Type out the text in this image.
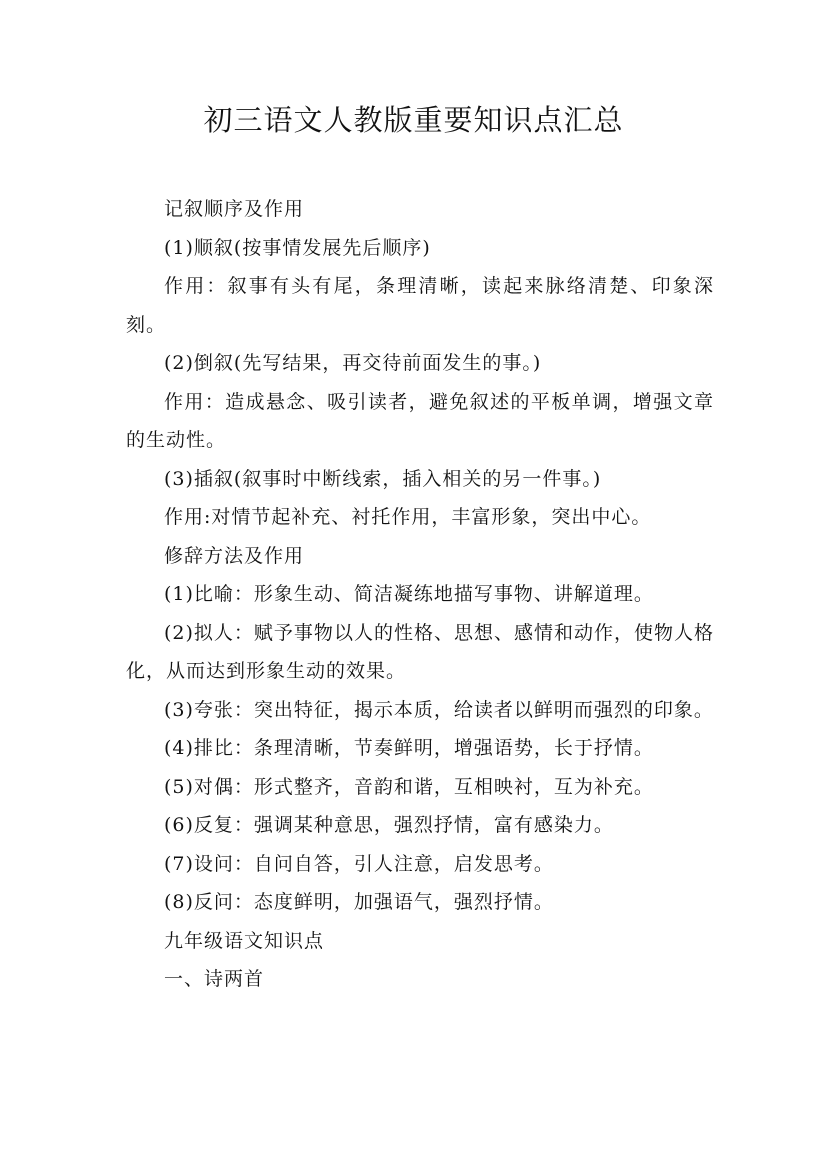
初三语文人教版重要知识点汇总

记叙顺序及作用

(1)顺叙(按事情发展先后顺序)

作用：叙事有头有尾，条理清晰，读起来脉络清楚、印象深刻。

(2)倒叙(先写结果，再交待前面发生的事。)

作用：造成悬念、吸引读者，避免叙述的平板单调，增强文章的生动性。

(3)插叙(叙事时中断线索，插入相关的另一件事。)

作用:对情节起补充、衬托作用，丰富形象，突出中心。

修辞方法及作用

(1)比喻：形象生动、简洁凝练地描写事物、讲解道理。

(2)拟人：赋予事物以人的性格、思想、感情和动作，使物人格化，从而达到形象生动的效果。

(3)夸张：突出特征，揭示本质，给读者以鲜明而强烈的印象。

(4)排比：条理清晰，节奏鲜明，增强语势，长于抒情。

(5)对偶：形式整齐，音韵和谐，互相映衬，互为补充。

(6)反复：强调某种意思，强烈抒情，富有感染力。

(7)设问：自问自答，引人注意，启发思考。

(8)反问：态度鲜明，加强语气，强烈抒情。

九年级语文知识点

一、诗两首
